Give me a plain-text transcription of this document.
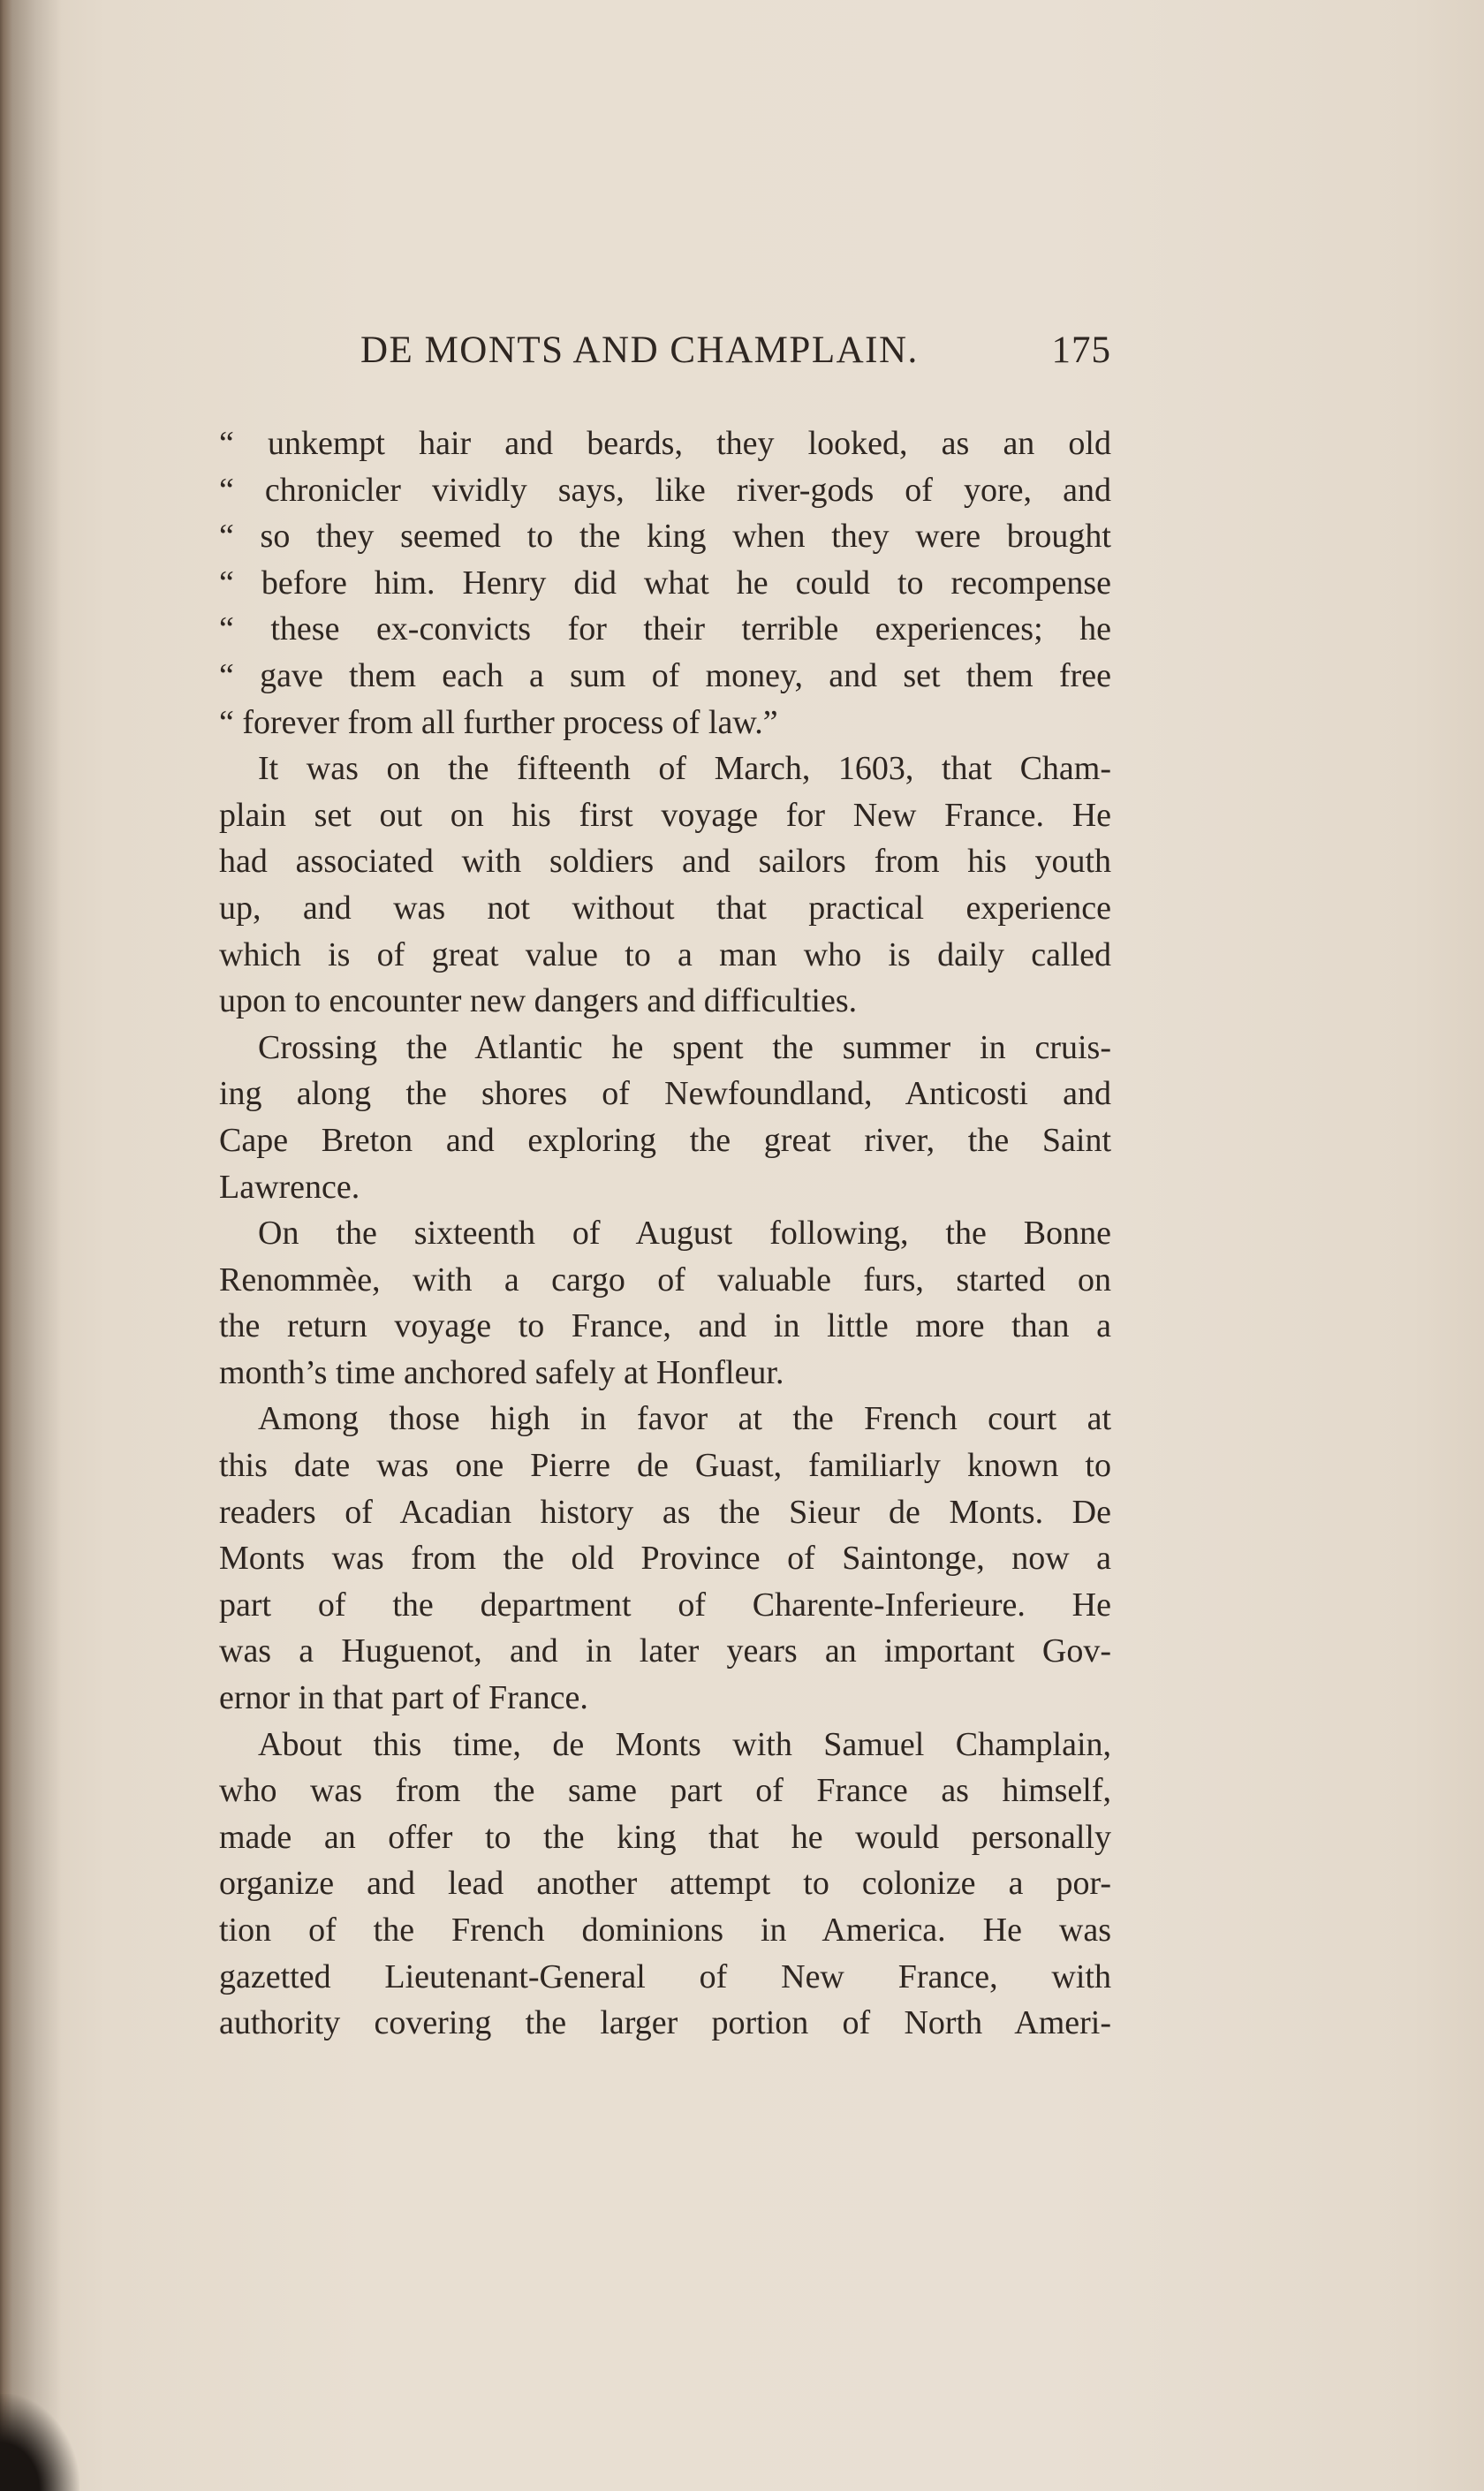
DE MONTS AND CHAMPLAIN.	175
“ unkempt hair and beards, they looked, as an old
“ chronicler vividly says, like river-gods of yore, and
“ so they seemed to the king when they were brought
“ before him. Henry did what he could to recompense
“ these ex-convicts for their terrible experiences; he
“ gave them each a sum of money, and set them free
“ forever from all further process of law.”
It was on the fifteenth of March, 1603, that Cham-
plain set out on his first voyage for New France. He
had associated with soldiers and sailors from his youth
up, and was not without that practical experience
which is of great value to a man who is daily called
upon to encounter new dangers and difficulties.
Crossing the Atlantic he spent the summer in cruis-
ing along the shores of Newfoundland, Anticosti and
Cape Breton and exploring the great river, the Saint
Lawrence.
On the sixteenth of August following, the Bonne
Renommèe, with a cargo of valuable furs, started on
the return voyage to France, and in little more than a
month’s time anchored safely at Honfleur.
Among those high in favor at the French court at
this date was one Pierre de Guast, familiarly known to
readers of Acadian history as the Sieur de Monts. De
Monts was from the old Province of Saintonge, now a
part of the department of Charente-Inferieure. He
was a Huguenot, and in later years an important Gov-
ernor in that part of France.
About this time, de Monts with Samuel Champlain,
who was from the same part of France as himself,
made an offer to the king that he would personally
organize and lead another attempt to colonize a por-
tion of the French dominions in America. He was
gazetted Lieutenant-General of New France, with
authority covering the larger portion of North Ameri-
